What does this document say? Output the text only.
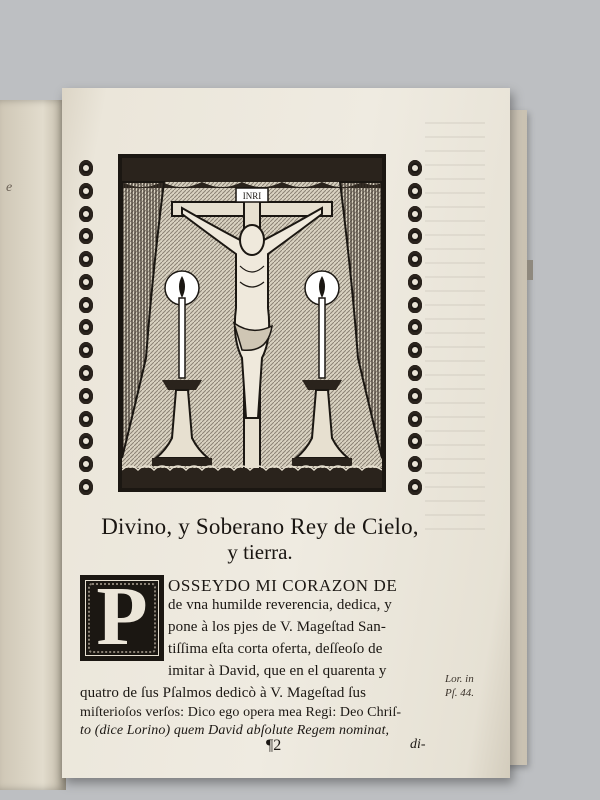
e
INRI
Divino, y Soberano Rey de Cielo,
y tierra.
P	OSSEYDO MI CORAZON DE
de vna humilde reverencia, dedica, y
pone à los pjes de V. Mageſtad San-
tiſſima eſta corta oferta, deſſeoſo de
imitar à David, que en el quarenta y
quatro de ſus Pſalmos dedicò à V. Mageſtad ſus
miſterioſos verſos: Dico ego opera mea Regi: Deo Chriſ-
to (dice Lorino) quem David abſolute Regem nominat,
Lor. in
Pſ. 44.
¶2	di-
